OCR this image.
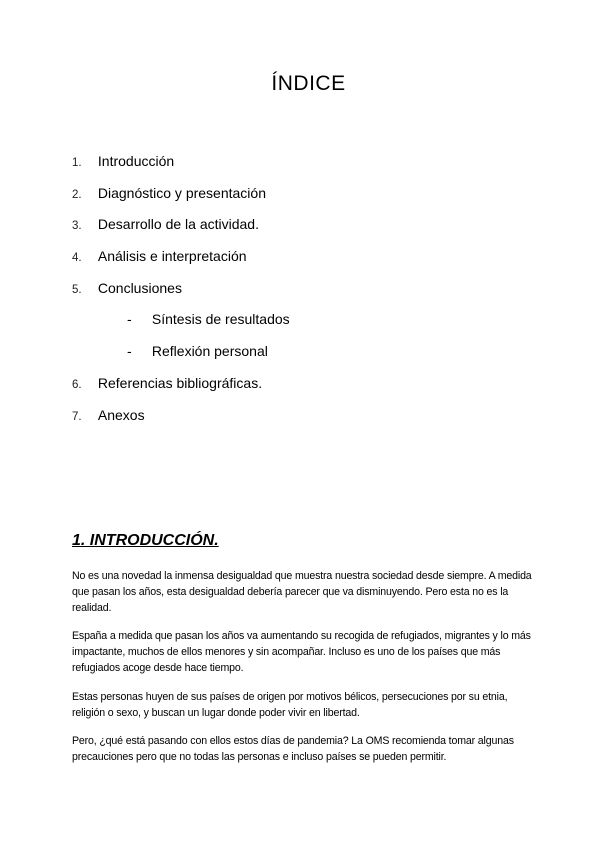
ÍNDICE
1. Introducción
2. Diagnóstico y presentación
3. Desarrollo de la actividad.
4. Análisis e interpretación
5. Conclusiones
- Síntesis de resultados
- Reflexión personal
6. Referencias bibliográficas.
7. Anexos
1. INTRODUCCIÓN.

No es una novedad la inmensa desigualdad que muestra nuestra sociedad desde siempre. A medida que pasan los años, esta desigualdad debería parecer que va disminuyendo. Pero esta no es la realidad.

España a medida que pasan los años va aumentando su recogida de refugiados, migrantes y lo más impactante, muchos de ellos menores y sin acompañar. Incluso es uno de los países que más refugiados acoge desde hace tiempo.

Estas personas huyen de sus países de origen por motivos bélicos, persecuciones por su etnia, religión o sexo, y buscan un lugar donde poder vivir en libertad.

Pero, ¿qué está pasando con ellos estos días de pandemia? La OMS recomienda tomar algunas precauciones pero que no todas las personas e incluso países se pueden permitir.
